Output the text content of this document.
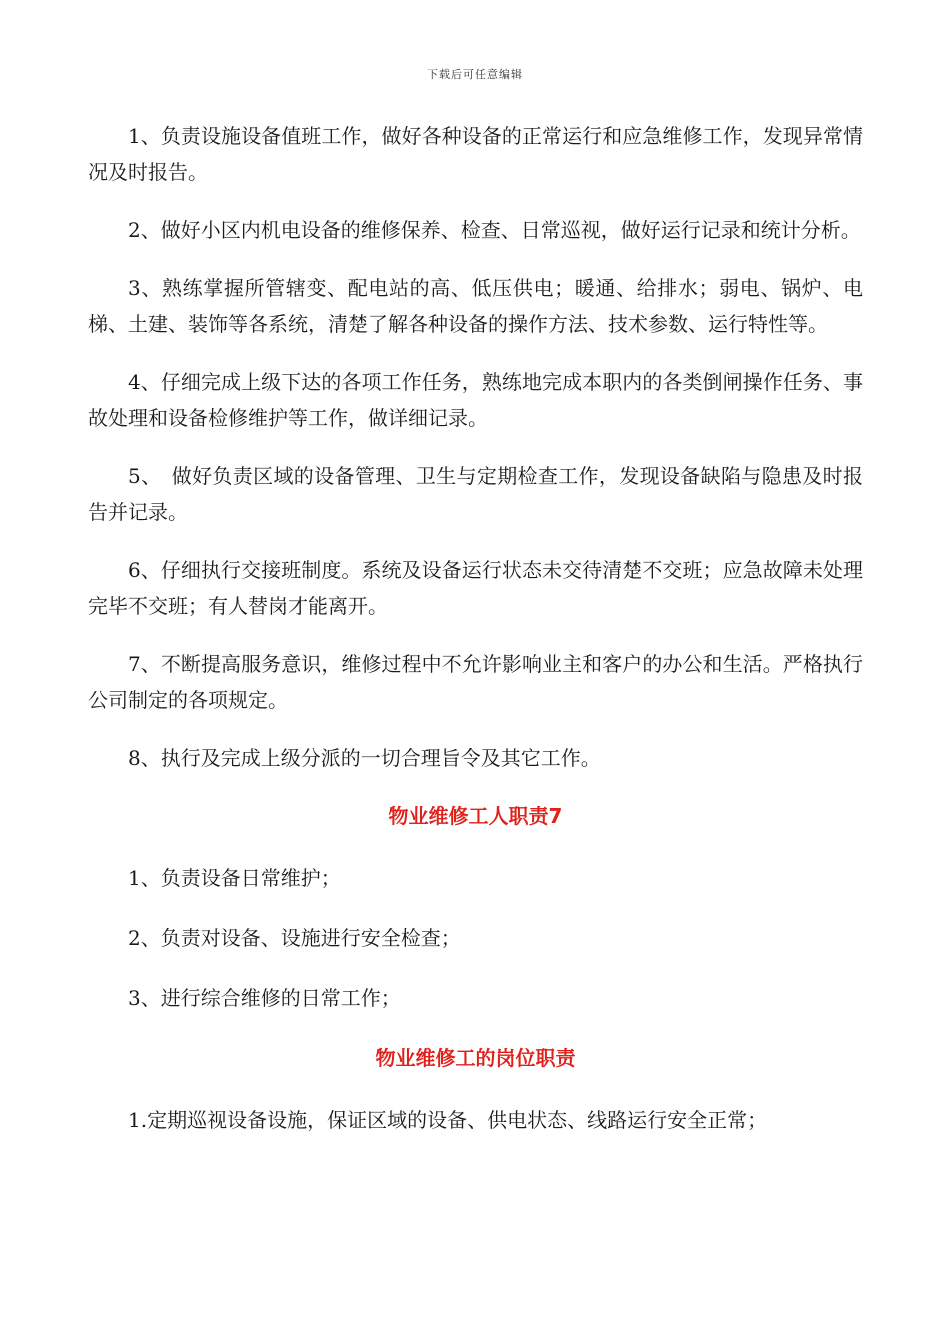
下载后可任意编辑

1、负责设施设备值班工作，做好各种设备的正常运行和应急维修工作，发现异常情况及时报告。

2、做好小区内机电设备的维修保养、检查、日常巡视，做好运行记录和统计分析。

3、熟练掌握所管辖变、配电站的高、低压供电；暖通、给排水；弱电、锅炉、电梯、土建、装饰等各系统，清楚了解各种设备的操作方法、技术参数、运行特性等。

4、仔细完成上级下达的各项工作任务，熟练地完成本职内的各类倒闸操作任务、事故处理和设备检修维护等工作，做详细记录。

5、　做好负责区域的设备管理、卫生与定期检查工作，发现设备缺陷与隐患及时报告并记录。

6、仔细执行交接班制度。系统及设备运行状态未交待清楚不交班；应急故障未处理完毕不交班；有人替岗才能离开。

7、不断提高服务意识，维修过程中不允许影响业主和客户的办公和生活。严格执行公司制定的各项规定。

8、执行及完成上级分派的一切合理旨令及其它工作。

物业维修工人职责7

1、负责设备日常维护；

2、负责对设备、设施进行安全检查；

3、进行综合维修的日常工作；

物业维修工的岗位职责

1.定期巡视设备设施，保证区域的设备、供电状态、线路运行安全正常；
